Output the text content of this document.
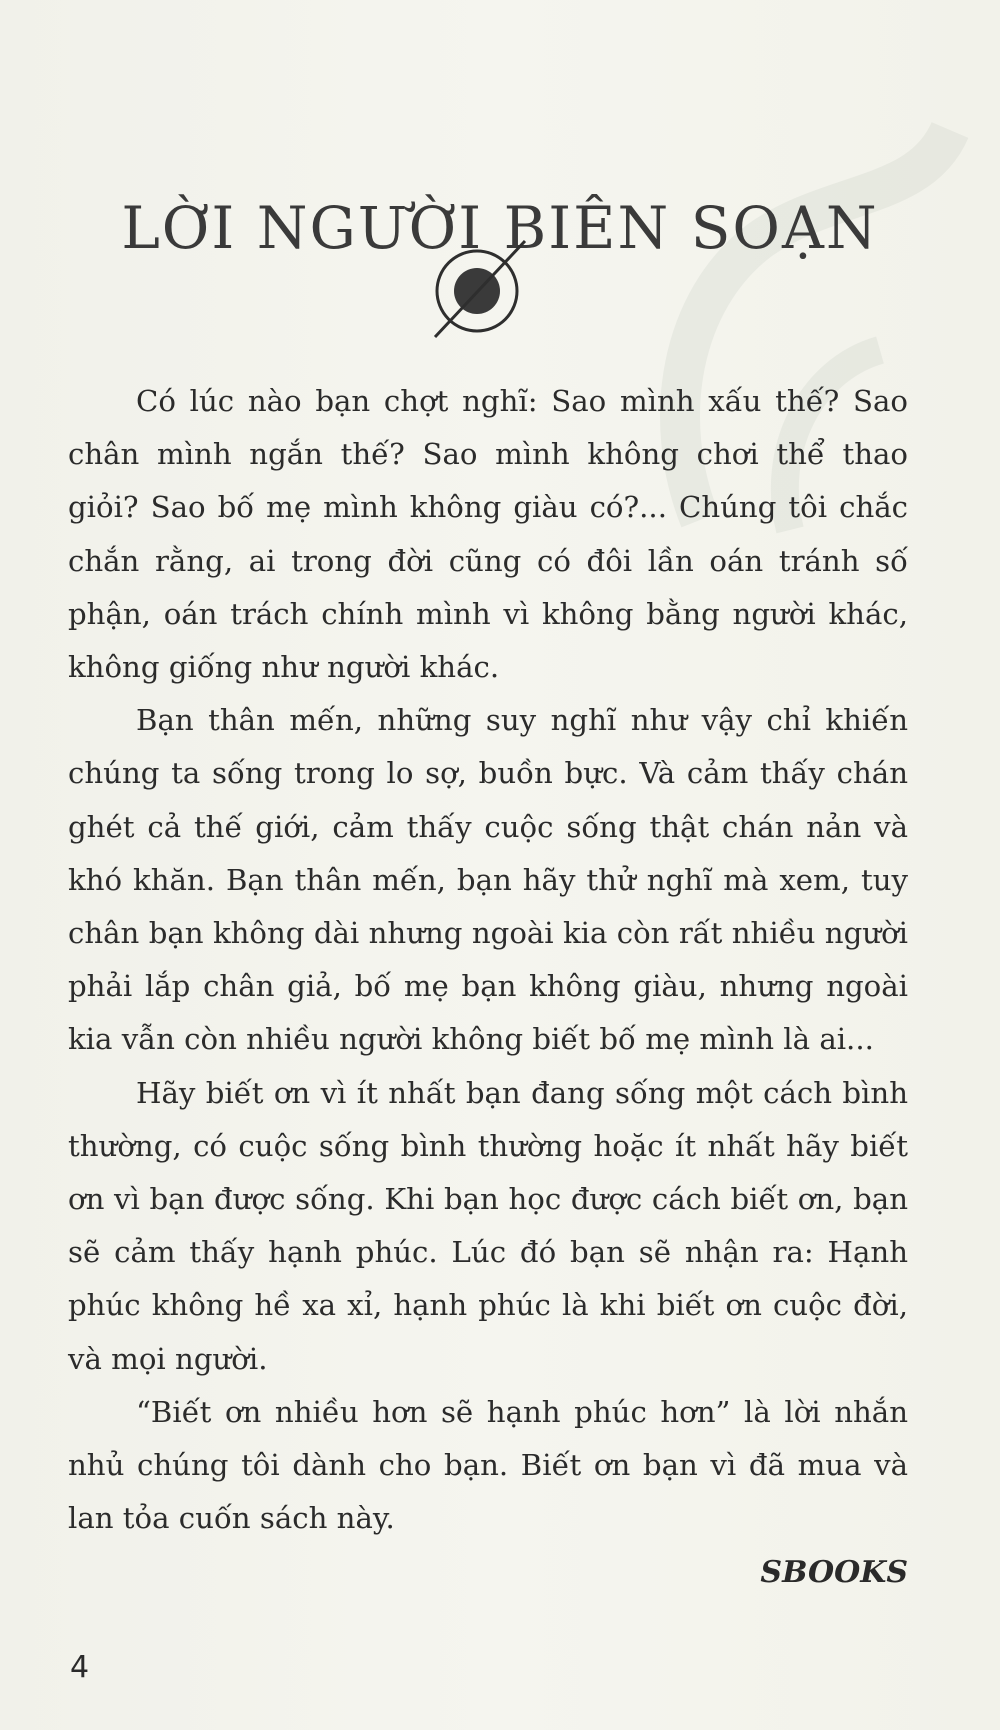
LỜI NGƯỜI BIÊN SOẠN

Có lúc nào bạn chợt nghĩ: Sao mình xấu thế? Sao chân mình ngắn thế? Sao mình không chơi thể thao giỏi? Sao bố mẹ mình không giàu có?... Chúng tôi chắc chắn rằng, ai trong đời cũng có đôi lần oán tránh số phận, oán trách chính mình vì không bằng người khác, không giống như người khác.

Bạn thân mến, những suy nghĩ như vậy chỉ khiến chúng ta sống trong lo sợ, buồn bực. Và cảm thấy chán ghét cả thế giới, cảm thấy cuộc sống thật chán nản và khó khăn. Bạn thân mến, bạn hãy thử nghĩ mà xem, tuy chân bạn không dài nhưng ngoài kia còn rất nhiều người phải lắp chân giả, bố mẹ bạn không giàu, nhưng ngoài kia vẫn còn nhiều người không biết bố mẹ mình là ai...

Hãy biết ơn vì ít nhất bạn đang sống một cách bình thường, có cuộc sống bình thường hoặc ít nhất hãy biết ơn vì bạn được sống. Khi bạn học được cách biết ơn, bạn sẽ cảm thấy hạnh phúc. Lúc đó bạn sẽ nhận ra: Hạnh phúc không hề xa xỉ, hạnh phúc là khi biết ơn cuộc đời, và mọi người.

“Biết ơn nhiều hơn sẽ hạnh phúc hơn” là lời nhắn nhủ chúng tôi dành cho bạn. Biết ơn bạn vì đã mua và lan tỏa cuốn sách này.

SBOOKS
4
